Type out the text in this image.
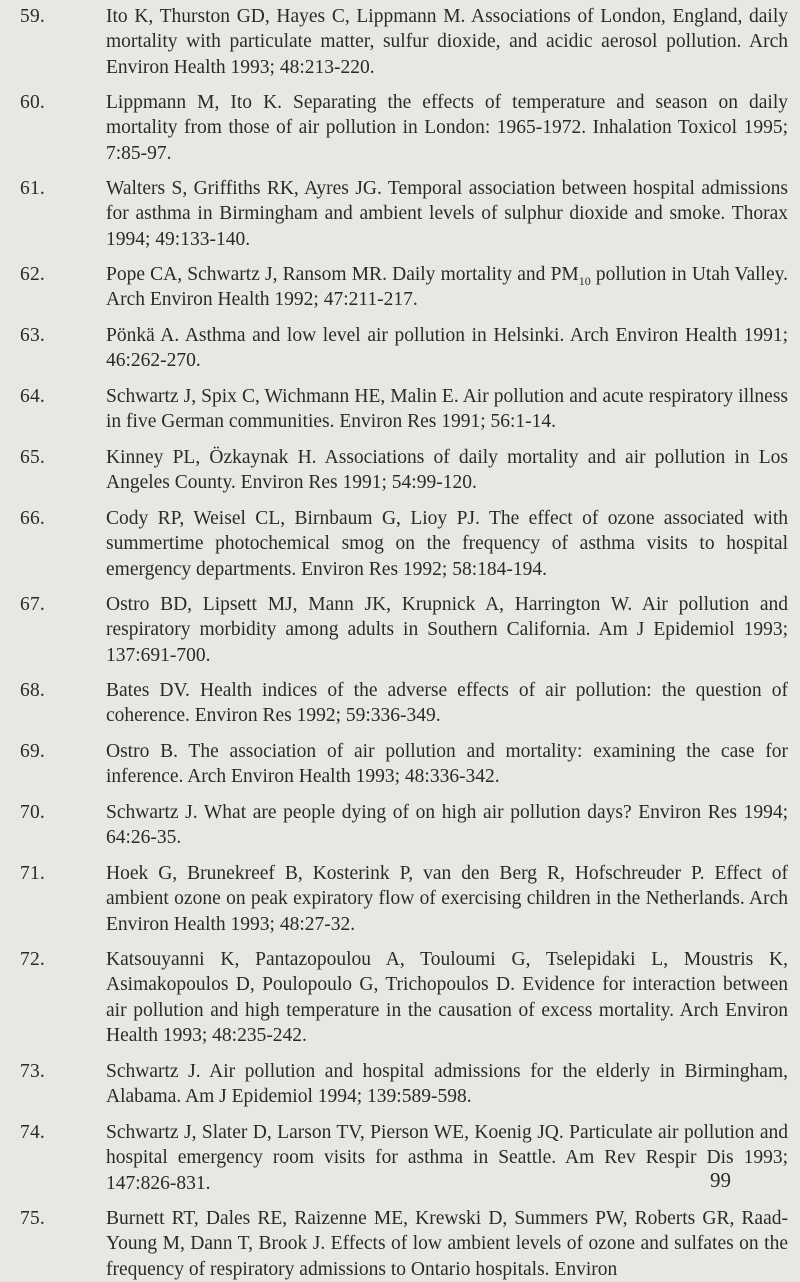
59.	Ito K, Thurston GD, Hayes C, Lippmann M. Associations of London, England, daily mortality with particulate matter, sulfur dioxide, and acidic aerosol pollution. Arch Environ Health 1993; 48:213-220.
60.	Lippmann M, Ito K. Separating the effects of temperature and season on daily mortality from those of air pollution in London: 1965-1972. Inhalation Toxicol 1995; 7:85-97.
61.	Walters S, Griffiths RK, Ayres JG. Temporal association between hospital admissions for asthma in Birmingham and ambient levels of sulphur dioxide and smoke. Thorax 1994; 49:133-140.
62.	Pope CA, Schwartz J, Ransom MR. Daily mortality and $PM_{10}$ pollution in Utah Valley. Arch Environ Health 1992; 47:211-217.
63.	Pönkä A. Asthma and low level air pollution in Helsinki. Arch Environ Health 1991; 46:262-270.
64.	Schwartz J, Spix C, Wichmann HE, Malin E. Air pollution and acute respiratory illness in five German communities. Environ Res 1991; 56:1-14.
65.	Kinney PL, Özkaynak H. Associations of daily mortality and air pollution in Los Angeles County. Environ Res 1991; 54:99-120.
66.	Cody RP, Weisel CL, Birnbaum G, Lioy PJ. The effect of ozone associated with summertime photochemical smog on the frequency of asthma visits to hospital emergency departments. Environ Res 1992; 58:184-194.
67.	Ostro BD, Lipsett MJ, Mann JK, Krupnick A, Harrington W. Air pollution and respiratory morbidity among adults in Southern California. Am J Epidemiol 1993; 137:691-700.
68.	Bates DV. Health indices of the adverse effects of air pollution: the question of coherence. Environ Res 1992; 59:336-349.
69.	Ostro B. The association of air pollution and mortality: examining the case for inference. Arch Environ Health 1993; 48:336-342.
70.	Schwartz J. What are people dying of on high air pollution days? Environ Res 1994; 64:26-35.
71.	Hoek G, Brunekreef B, Kosterink P, van den Berg R, Hofschreuder P. Effect of ambient ozone on peak expiratory flow of exercising children in the Netherlands. Arch Environ Health 1993; 48:27-32.
72.	Katsouyanni K, Pantazopoulou A, Touloumi G, Tselepidaki L, Moustris K, Asimakopoulos D, Poulopoulo G, Trichopoulos D. Evidence for interaction between air pollution and high temperature in the causation of excess mortality. Arch Environ Health 1993; 48:235-242.
73.	Schwartz J. Air pollution and hospital admissions for the elderly in Birmingham, Alabama. Am J Epidemiol 1994; 139:589-598.
74.	Schwartz J, Slater D, Larson TV, Pierson WE, Koenig JQ. Particulate air pollution and hospital emergency room visits for asthma in Seattle. Am Rev Respir Dis 1993; 147:826-831.
75.	Burnett RT, Dales RE, Raizenne ME, Krewski D, Summers PW, Roberts GR, Raad-Young M, Dann T, Brook J. Effects of low ambient levels of ozone and sulfates on the frequency of respiratory admissions to Ontario hospitals. Environ
99
